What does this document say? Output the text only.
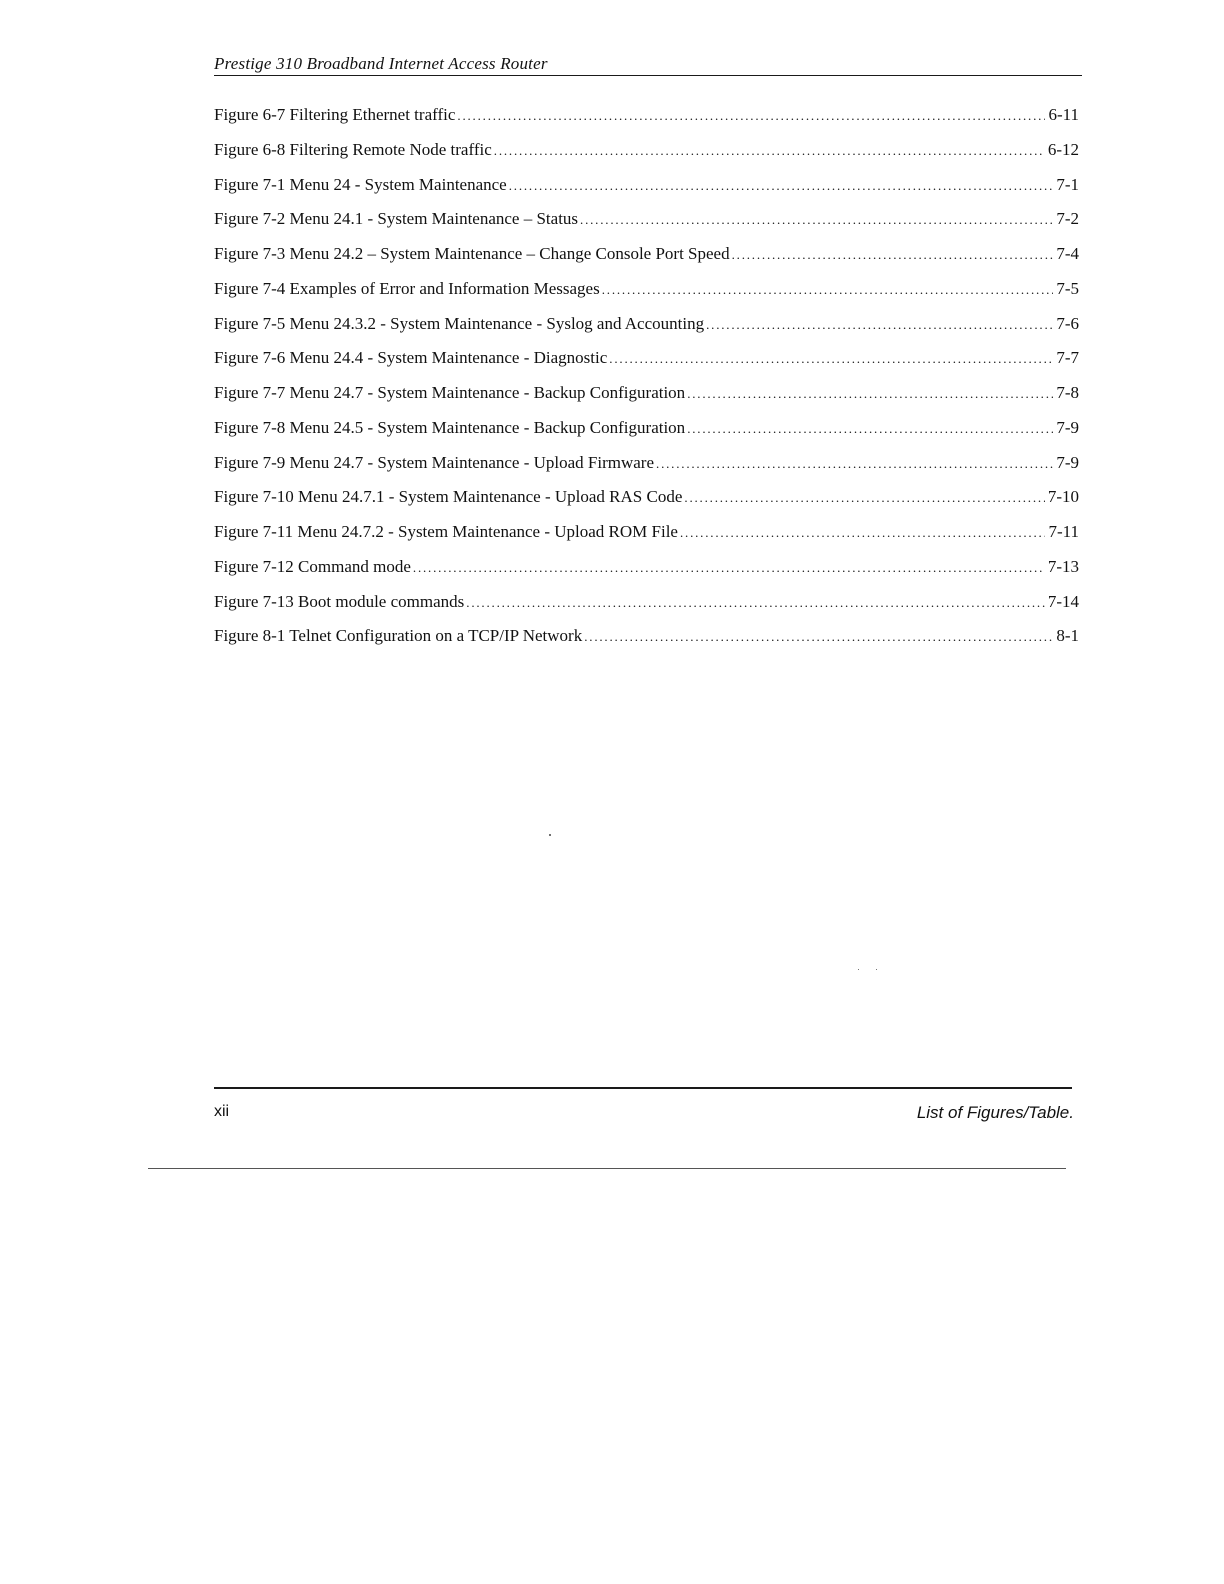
Prestige 310 Broadband Internet Access Router
Figure 6-7 Filtering Ethernet traffic .....	6-11
Figure 6-8 Filtering Remote Node traffic .....	6-12
Figure 7-1 Menu 24 - System Maintenance .....	7-1
Figure 7-2 Menu 24.1 - System Maintenance – Status .....	7-2
Figure 7-3 Menu 24.2 – System Maintenance – Change Console Port Speed .....	7-4
Figure 7-4 Examples of Error and Information Messages .....	7-5
Figure 7-5 Menu 24.3.2 - System Maintenance - Syslog and Accounting .....	7-6
Figure 7-6 Menu 24.4 - System Maintenance - Diagnostic .....	7-7
Figure 7-7 Menu 24.7 - System Maintenance - Backup Configuration .....	7-8
Figure 7-8 Menu 24.5 - System Maintenance - Backup Configuration .....	7-9
Figure 7-9 Menu 24.7 - System Maintenance - Upload Firmware .....	7-9
Figure 7-10 Menu 24.7.1 - System Maintenance - Upload RAS Code .....	7-10
Figure 7-11 Menu 24.7.2 - System Maintenance - Upload ROM File .....	7-11
Figure 7-12 Command mode .....	7-13
Figure 7-13 Boot module commands .....	7-14
Figure 8-1 Telnet Configuration on a TCP/IP Network .....	8-1
xii	List of Figures/Table.
